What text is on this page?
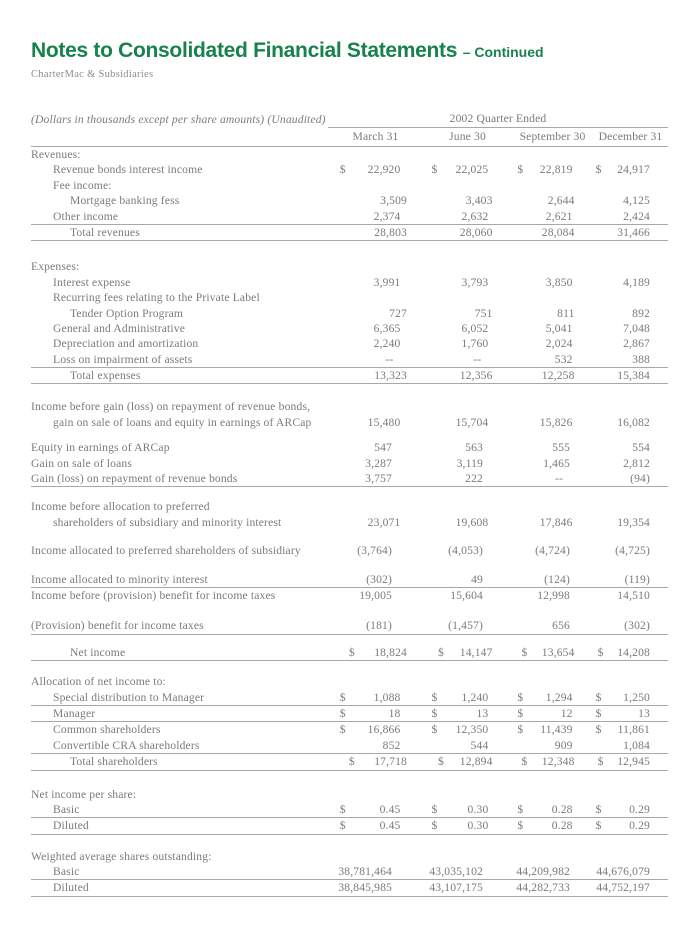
Notes to Consolidated Financial Statements – Continued
CharterMac & Subsidiaries
(Dollars in thousands except per share amounts) (Unaudited)	2002 Quarter Ended
March 31	June 30	September 30	December 31
Revenues:
Revenue bonds interest income	$	22,920	$	22,025	$	22,819	$	24,917
Fee income:
Mortgage banking fess	3,509	3,403	2,644	4,125
Other income	2,374	2,632	2,621	2,424
Total revenues	28,803	28,060	28,084	31,466
Expenses:
Interest expense	3,991	3,793	3,850	4,189
Recurring fees relating to the Private Label
Tender Option Program	727	751	811	892
General and Administrative	6,365	6,052	5,041	7,048
Depreciation and amortization	2,240	1,760	2,024	2,867
Loss on impairment of assets	--	--	532	388
Total expenses	13,323	12,356	12,258	15,384
Income before gain (loss) on repayment of revenue bonds,
gain on sale of loans and equity in earnings of ARCap	15,480	15,704	15,826	16,082
Equity in earnings of ARCap	547	563	555	554
Gain on sale of loans	3,287	3,119	1,465	2,812
Gain (loss) on repayment of revenue bonds	3,757	222	--	(94)
Income before allocation to preferred
shareholders of subsidiary and minority interest	23,071	19,608	17,846	19,354
Income allocated to preferred shareholders of subsidiary	(3,764)	(4,053)	(4,724)	(4,725)
Income allocated to minority interest	(302)	49	(124)	(119)
Income before (provision) benefit for income taxes	19,005	15,604	12,998	14,510
(Provision) benefit for income taxes	(181)	(1,457)	656	(302)
Net income	$	18,824	$	14,147	$	13,654	$	14,208
Allocation of net income to:
Special distribution to Manager	$	1,088	$	1,240	$	1,294	$	1,250
Manager	$	18	$	13	$	12	$	13
Common shareholders	$	16,866	$	12,350	$	11,439	$	11,861
Convertible CRA shareholders	852	544	909	1,084
Total shareholders	$	17,718	$	12,894	$	12,348	$	12,945
Net income per share:
Basic	$	0.45	$	0.30	$	0.28	$	0.29
Diluted	$	0.45	$	0.30	$	0.28	$	0.29
Weighted average shares outstanding:
Basic	38,781,464	43,035,102	44,209,982	44,676,079
Diluted	38,845,985	43,107,175	44,282,733	44,752,197
